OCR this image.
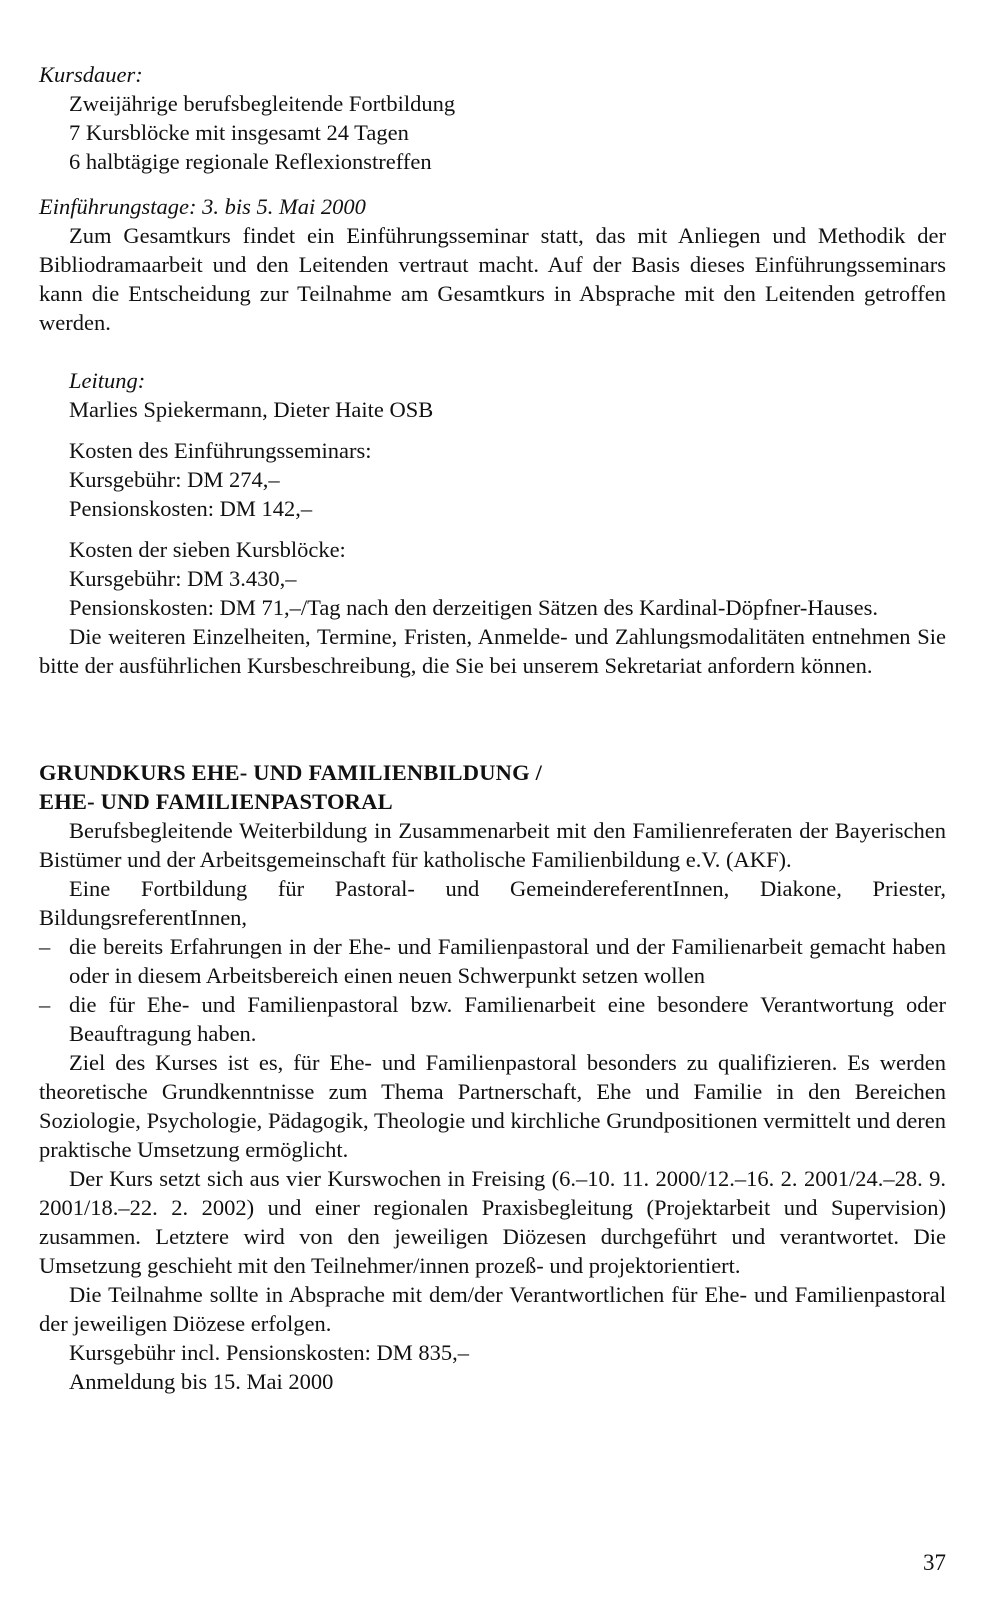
Kursdauer:
Zweijährige berufsbegleitende Fortbildung
7 Kursblöcke mit insgesamt 24 Tagen
6 halbtägige regionale Reflexionstreffen
Einführungstage: 3. bis 5. Mai 2000

Zum Gesamtkurs findet ein Einführungsseminar statt, das mit Anliegen und Methodik der Bibliodramaarbeit und den Leitenden vertraut macht. Auf der Basis dieses Einführungsseminars kann die Entscheidung zur Teilnahme am Gesamtkurs in Absprache mit den Leitenden getroffen werden.

Leitung:
Marlies Spiekermann, Dieter Haite OSB
Kosten des Einführungsseminars:
Kursgebühr: DM 274,–
Pensionskosten: DM 142,–
Kosten der sieben Kursblöcke:
Kursgebühr: DM 3.430,–

Pensionskosten: DM 71,–/Tag nach den derzeitigen Sätzen des Kardinal-Döpfner-Hauses.

Die weiteren Einzelheiten, Termine, Fristen, Anmelde- und Zahlungsmodalitäten entnehmen Sie bitte der ausführlichen Kursbeschreibung, die Sie bei unserem Sekretariat anfordern können.

GRUNDKURS EHE- UND FAMILIENBILDUNG /
EHE- UND FAMILIENPASTORAL

Berufsbegleitende Weiterbildung in Zusammenarbeit mit den Familienreferaten der Bayerischen Bistümer und der Arbeitsgemeinschaft für katholische Familienbildung e.V. (AKF).

Eine Fortbildung für Pastoral- und GemeindereferentInnen, Diakone, Priester, BildungsreferentInnen,

– die bereits Erfahrungen in der Ehe- und Familienpastoral und der Familienarbeit gemacht haben oder in diesem Arbeitsbereich einen neuen Schwerpunkt setzen wollen
– die für Ehe- und Familienpastoral bzw. Familienarbeit eine besondere Verantwortung oder Beauftragung haben.

Ziel des Kurses ist es, für Ehe- und Familienpastoral besonders zu qualifizieren. Es werden theoretische Grundkenntnisse zum Thema Partnerschaft, Ehe und Familie in den Bereichen Soziologie, Psychologie, Pädagogik, Theologie und kirchliche Grundpositionen vermittelt und deren praktische Umsetzung ermöglicht.

Der Kurs setzt sich aus vier Kurswochen in Freising (6.–10. 11. 2000/12.–16. 2. 2001/24.–28. 9. 2001/18.–22. 2. 2002) und einer regionalen Praxisbegleitung (Projektarbeit und Supervision) zusammen. Letztere wird von den jeweiligen Diözesen durchgeführt und verantwortet. Die Umsetzung geschieht mit den Teilnehmer/innen prozeß- und projektorientiert.

Die Teilnahme sollte in Absprache mit dem/der Verantwortlichen für Ehe- und Familienpastoral der jeweiligen Diözese erfolgen.

Kursgebühr incl. Pensionskosten: DM 835,–
Anmeldung bis 15. Mai 2000
37
